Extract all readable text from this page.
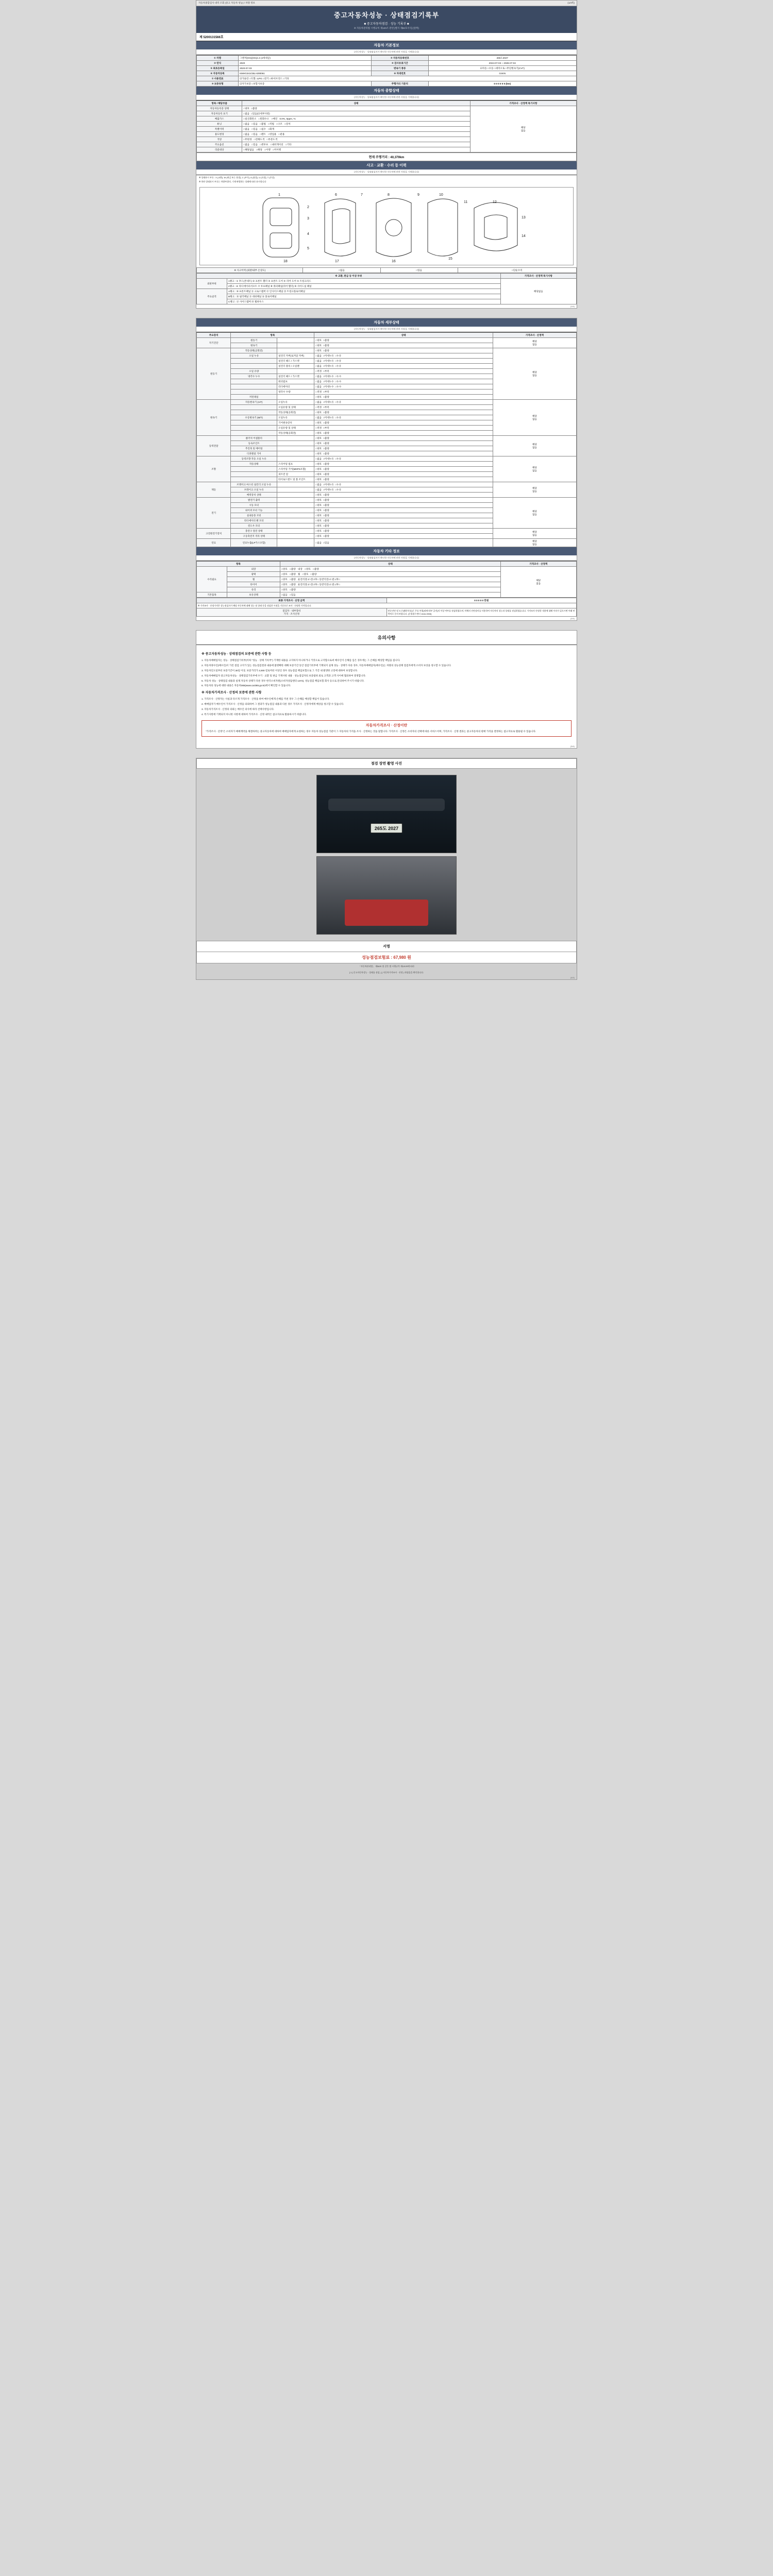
자동차종합검사 내역 조회 (중고 자동차 성능) / 차량 정보	(1/4쪽)
중고자동차성능 · 상태점검기록부
■ 중고자동차점검 · 성능 기록부 ■
※ 자동차관리법 시행규칙 제120조 관련 [별지 제82호서식] (앞쪽)
제 5200131566호
자동차 기본정보
(자동차성능 · 상태점검자가 확인한 자동차에 관한 사항을 기재합니다)
① 차명	그랜저(HG)(HG)2.4 (4세대급)	② 자동차등록번호	265도2027
③ 연식	2020	④ 검사유효기간	2024-07-03 ~ 2026-07-02
⑤ 최초등록일	2020-07-03	변속기 종류	☑자동 □수동 □세미오토 □무단변속기(CVT)
⑥ 자동차등록	KMHG341CBLA300061	⑧ 차대번호	G4KN
⑦ 사용연료	☑가솔린 □디젤 □LPG □전기 □하이브리드 □기타		
⑨ 보증유형	☑자가보증 □보험사보증	주행거리 기준치	0 0 0 0 0 0 (km)
자동차 종합상태
(자동차성능 · 상태점검자가 확인한 자동차에 관한 사항을 기재합니다)
항목 / 해당부품	상태	가격조사 · 산정액 특기사항
자동차등록증 상태	□양호 □불량	해당
없음
자동차등록 표기	□없음 □있음(☑세부사항)	
배출가스	□일산화탄소 □탄화수소 □매연 0.0%, 0ppm, %	
튜닝	□없음 □있음 □불법 □적법 □구조 □장치	
특별이력	□없음 □있음 □침수 □화재	
용도변경	□없음 □있음 □렌트 □영업용 □관용	
색상	□무변경 □전체도색 □부분도색	
주요옵션	□없음 □있음 □썬루프 □내비게이션 □기타	
리콜대상	□해당없음 □해당 □이행 □미이행	
현재 주행거리 : 40,379km
사고 · 교환 · 수리 등 이력
(자동차성능 · 상태점검자가 확인한 자동차에 관한 사항을 기재합니다)
※ 상태표시 부호 : X (교환), W (판금 또는 용접), C (부식), A (흠집), U (요철), T (손상)
※ 하단 상태표시 부호는 차량부위의, 기재 판별하는 상태에 따라 표시합니다
1
2
3
4
5
6	7	8	9	10
11	12
13
14
15
16
17
18
※ 사고이력 (외판/내부 손상도)	□없음	□있음	□단순수리
※ 교환, 판금 등 이상 부위		가격조사 · 산정액 특기사항
외판부위	1랭크 : ① 후드(본네트) ② 프론트 휀더 ③ 프론트 도어 ④ 리어 도어 ⑤ 트렁크리드	해당없음
	2랭크 : ⑥ 라디에이터서포트 ⑦ 루프패널 ⑧ 쿼터패널(리어 휀더) ⑨ 사이드실 패널	
주요골격	A랭크 : ⑩ 프론트패널 ⑪ 크로스멤버 ⑫ 인사이드패널 ⑬ 트렁크플로어패널	
	B랭크 : ⑭ 필러패널 ⑮ 대쉬패널 ⑯ 플로어패널	
	C랭크 : ⑰ 사이드멤버 ⑱ 휠하우스	
(1/4)
자동차 세부상태
(자동차성능 · 상태점검자가 확인한 자동차에 관한 사항을 기재합니다)
주요장치	항목		상태	가격조사 · 산정액
자기진단	원동기		□양호 □불량	해당
없음
	변속기		□양호 □불량	
원동기	작동상태(공회전)		□양호 □불량	해당
없음
	오일 누유	실린더 커버(로커암 커버)	□없음 □미세누유 □누유	
		실린더 헤드 / 가스켓	□없음 □미세누유 □누유	
		실린더 블록 / 오일팬	□없음 □미세누유 □누유	
	오일 유량		□적정 □부족	
	냉각수 누수	실린더 헤드 / 가스켓	□없음 □미세누수 □누수	
		워터펌프	□없음 □미세누수 □누수	
		라디에이터	□없음 □미세누수 □누수	
		냉각수 수량	□적정 □부족	
	커먼레일		□양호 □불량	
변속기	자동변속기 (A/T)	오일누유	□없음 □미세누유 □누유	해당
없음
		오일유량 및 상태	□적정 □부족	
		작동상태(공회전)	□양호 □불량	
	수동변속기 (M/T)	오일누유	□없음 □미세누유 □누유	
		기어변속장치	□양호 □불량	
		오일유량 및 상태	□적정 □부족	
		작동상태(공회전)	□양호 □불량	
동력전달	클러치 어셈블리		□양호 □불량	해당
없음
	등속조인트		□양호 □불량	
	추진축 및 베어링		□양호 □불량	
	디퍼렌셜 기어		□양호 □불량	
조향	동력조향 작동 오일 누유		□없음 □미세누유 □누유	해당
없음
	작동상태	스티어링 펌프	□양호 □불량	
		스티어링 기어(MDPS포함)	□양호 □불량	
		피트먼 암	□양호 □불량	
		타이로드엔드 및 볼 조인트	□양호 □불량	
제동	브레이크 마스터 실린더 오일 누유		□없음 □미세누유 □누유	해당
없음
	브레이크 오일 누유		□없음 □미세누유 □누유	
	배력장치 상태		□양호 □불량	
전기	발전기 출력		□양호 □불량	해당
없음
	시동 모터		□양호 □불량	
	와이퍼 모터 기능		□양호 □불량	
	실내송풍 모터		□양호 □불량	
	라디에이터 팬 모터		□양호 □불량	
	윈도우 모터		□양호 □불량	
고전원전기장치	충전구 절연 상태		□양호 □불량	해당
없음
	구동축전지 격리 상태		□양호 □불량	
연료	연료누출(LP가스포함)		□없음 □있음	해당
없음
자동차 기타 정보
(자동차성능 · 상태점검자가 확인한 자동차에 관한 사항을 기재합니다)
항목		상태	가격조사 · 산정액
수리필요	외장	□양호 □불량 내장 □양호 □불량	해당
없음
	광택	□양호 □불량 휠 □양호 □불량	
	휠	□양호 □불량 운전석전□/□전□/후□ 동반석전□/□전□/후□	
	타이어	□양호 □불량 운전석전□/□전□/후□ 동반석전□/□전□/후□	
	유리	□양호 □불량	
기본품목	보유상태	□없음 □있음	
최종 가격조사 · 산정 금액	0 0 0 0 0 만원
※ 가격조사 · 산정가격은 성능점검자가 해당 자동차에 대해 성능 및 상태 등을 점검한 시점을 기준으로 조사 · 산정한 가격입니다.	

점검자 · 내부장비
가격 · 조사산정	단순진단 및 도구(휠라인더)로 주요 부위(외판/내부 골격)의 이상 여부를 점검하였으며, 차체의 진단장비를 사용하여 자동차의 성능과 상태를 점검하였습니다. 가격조사·산정한 내용에 대해 이의가 있으시면 아래 연락처로 문의 바랍니다. [신청접수센터 1644-3933]
(2/4)
유의사항
※ 중고자동차성능 · 상태점검의 보증에 관한 사항 등

1. 자동차매매업자는 성능 · 상태점검기록부(이하 "성능 · 상태 기록부") 기재한 내용을 고지하지 아니하거나 거짓으로 고지함으로써 매수인이 손해를 입은 경우에는 그 손해를 배상할 책임을 집니다.

2. 자동차양수인(매수인)이 가진 점검 고지가 있는 성능점검결과 내용에 불명확한 대해 보증기간 동안 점검기록부에 기재되지 실제 성능 · 상태가 다른 경우, 자동차매매업자(매수인)는 차량의 성능상태 점검자에게 소비자 보상을 청구할 수 있습니다.

3. 자동차인도일부터 보증기간이 30일 이상, 보증거리가 2,000 킬로미터 이상인 경우 성능점검 책임보험으로 그 기간 내 발생한 고장에 대하여 보상합니다.

4. 자동차매매업자 중고자동차성능 · 상태점검기록부에 수기 · 교환 및 판금 기재사항 내용 · 성능점검자의 보증범위 외로 고객과 고객 사이에 협의하여 결정합니다.

5. 자동차 성능 · 상태점검 내용과 실제 자동차 상태가 다른 경우 한국소비자원(소비자상담센터 1372), 성능점검 책임보험 회사 등으로 문의하여 주시기 바랍니다.

6. 자동차의 성능에 대한 내용은 자동차365(www.car365.go.kr)에서 확인할 수 있습니다.

※ 자동차가격조사 · 산정의 보증에 관한 사항

1. 가격조사 · 산정자는 사실과 다르게 가격조사 · 산정을 하여 매수인에게 손해를 끼친 경우 그 손해를 배상할 책임이 있습니다.

2. 매매업자가 매수인이 가격조사 · 산정을 의뢰하여 그 결과가 성능점검 내용과 다른 경우 가격조사 · 산정자에게 배상을 청구할 수 있습니다.

3. 자동차가격조사 · 산정의 의뢰는 매수인 의사에 따라 선택사항입니다.

4. 특기사항에 기재되지 아니한 사항에 대하여 가격조사 · 산정 내역은 참고자료로 활용하시기 바랍니다.

자동차가격조사 · 산정이란
"가격조사 · 산정"은 소비자가 매매계약을 체결하려는 중고자동차에 대하여 매매업자에게 요청하는 경우 자동차 성능점검 기관이 그 자동차의 가격을 조사 · 산정하는 것을 말합니다. 가격조사 · 산정은 소비자의 선택에 따른 서비스이며, 가격조사 · 산정 결과는 중고자동차의 판매 가격을 결정하는 참고자료로 활용될 수 있습니다.
(3/4)
점검 장면 촬영 사진
265도 2027
서명
성능점검보험료 : 67,980 원
「자동차관리법」 제58조 및 같은 법 시행규칙 제120조에 따라
[ 1 ] 중고자동차성능 · 상태를 점검, [ ] 자동차가격조사 · 산정 ) 하였음을 확인합니다.
(4/4)
